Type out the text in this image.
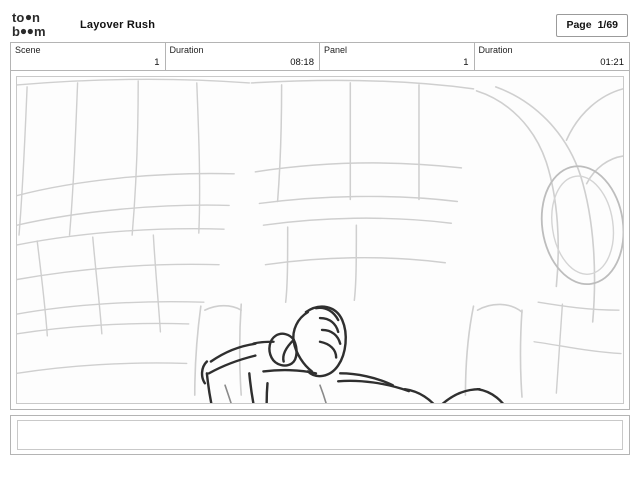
to n
b m	Layover Rush	Page 1/69
Scene
1
Duration
08:18
Panel
1
Duration
01:21
